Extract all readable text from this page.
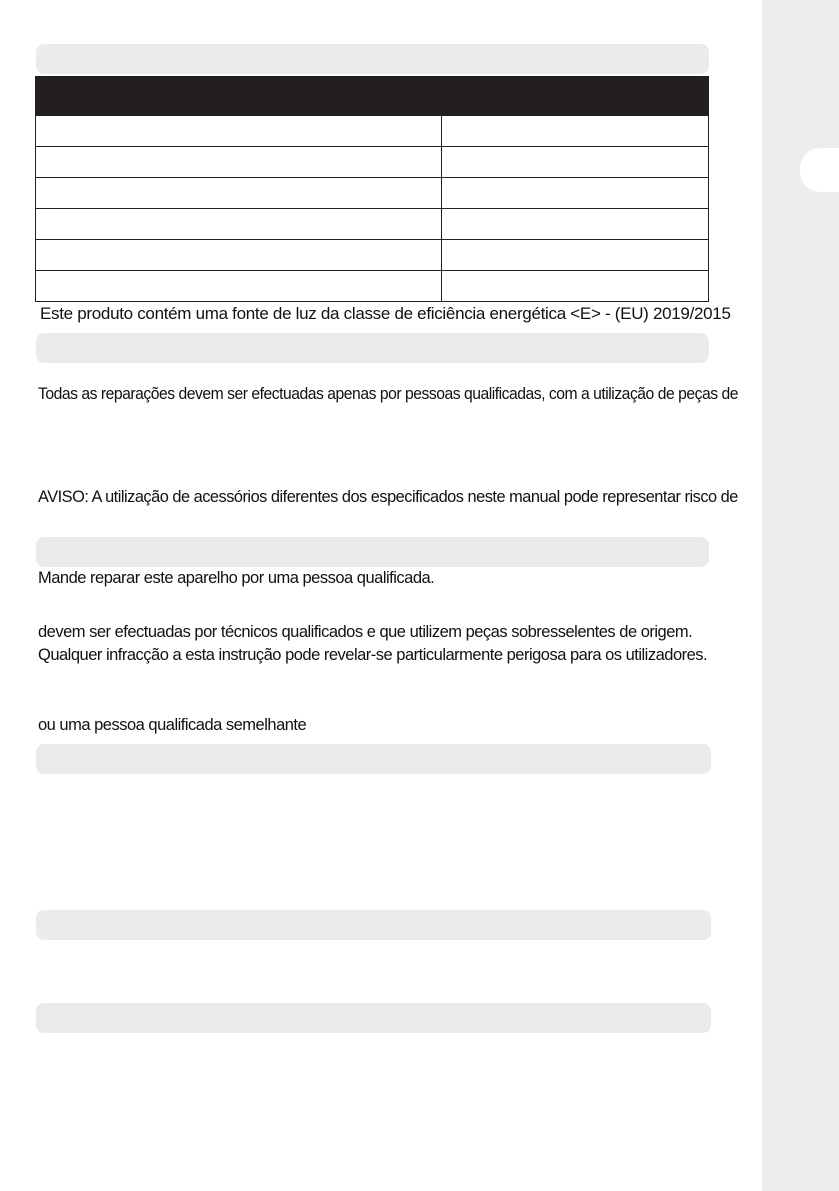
Este produto contém uma fonte de luz da classe de eficiência energética <E> - (EU) 2019/2015
Todas as reparações devem ser efectuadas apenas por pessoas qualificadas, com a utilização de peças de
AVISO: A utilização de acessórios diferentes dos especificados neste manual pode representar risco de
Mande reparar este aparelho por uma pessoa qualificada.
devem ser efectuadas por técnicos qualificados e que utilizem peças sobresselentes de origem.
Qualquer infracção a esta instrução pode revelar-se particularmente perigosa para os utilizadores.
ou uma pessoa qualificada semelhante
